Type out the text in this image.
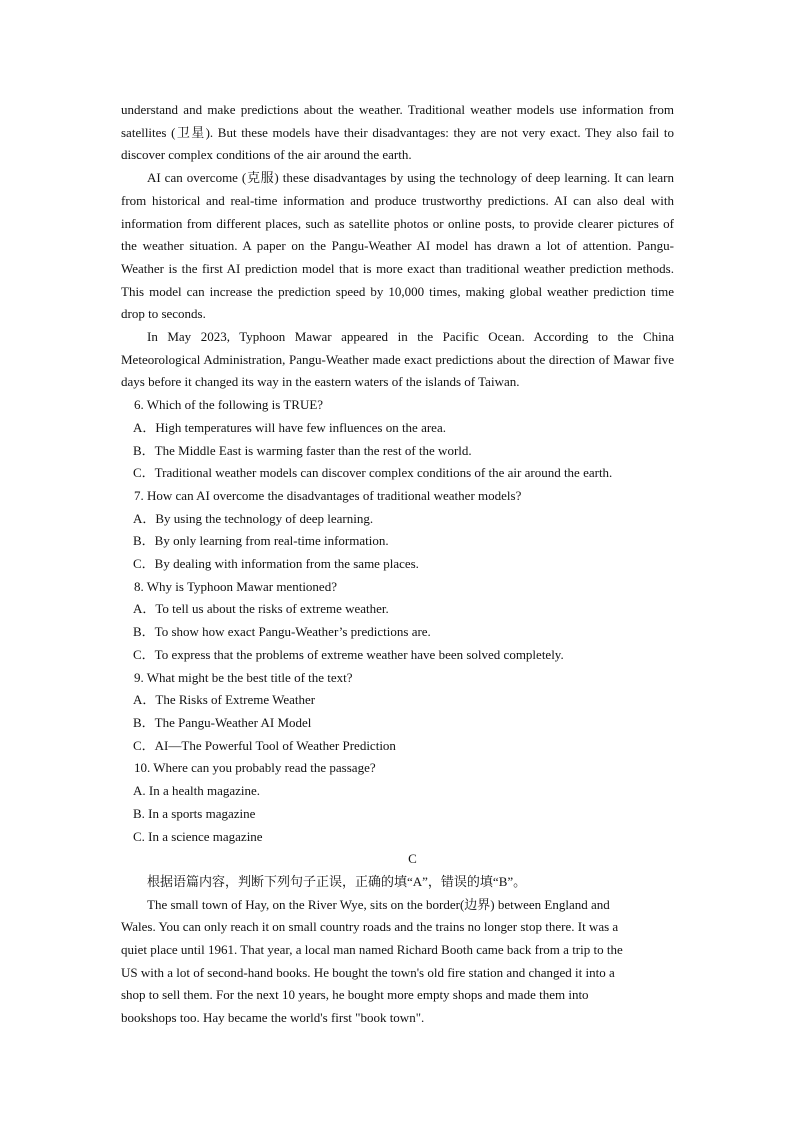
understand and make predictions about the weather. Traditional weather models use information from satellites (卫星). But these models have their disadvantages: they are not very exact. They also fail to discover complex conditions of the air around the earth.

AI can overcome (克服) these disadvantages by using the technology of deep learning. It can learn from historical and real-time information and produce trustworthy predictions. AI can also deal with information from different places, such as satellite photos or online posts, to provide clearer pictures of the weather situation. A paper on the Pangu-Weather AI model has drawn a lot of attention. Pangu-Weather is the first AI prediction model that is more exact than traditional weather prediction methods. This model can increase the prediction speed by 10,000 times, making global weather prediction time drop to seconds.

In May 2023, Typhoon Mawar appeared in the Pacific Ocean. According to the China Meteorological Administration, Pangu-Weather made exact predictions about the direction of Mawar five days before it changed its way in the eastern waters of the islands of Taiwan.

6. Which of the following is TRUE?

A．High temperatures will have few influences on the area.

B．The Middle East is warming faster than the rest of the world.

C．Traditional weather models can discover complex conditions of the air around the earth.

7. How can AI overcome the disadvantages of traditional weather models?

A．By using the technology of deep learning.

B．By only learning from real-time information.

C．By dealing with information from the same places.

8. Why is Typhoon Mawar mentioned?

A．To tell us about the risks of extreme weather.

B．To show how exact Pangu-Weather’s predictions are.

C．To express that the problems of extreme weather have been solved completely.

9. What might be the best title of the text?

A．The Risks of Extreme Weather

B．The Pangu-Weather AI Model

C．AI—The Powerful Tool of Weather Prediction

10. Where can you probably read the passage?

A. In a health magazine.

B. In a sports magazine

C. In a science magazine

C

根据语篇内容，判断下列句子正误，正确的填“A”，错误的填“B”。

The small town of Hay, on the River Wye, sits on the border(边界) between England and

Wales. You can only reach it on small country roads and the trains no longer stop there. It was a

quiet place until 1961. That year, a local man named Richard Booth came back from a trip to the

US with a lot of second-hand books. He bought the town's old fire station and changed it into a

shop to sell them. For the next 10 years, he bought more empty shops and made them into

bookshops too. Hay became the world's first "book town".
